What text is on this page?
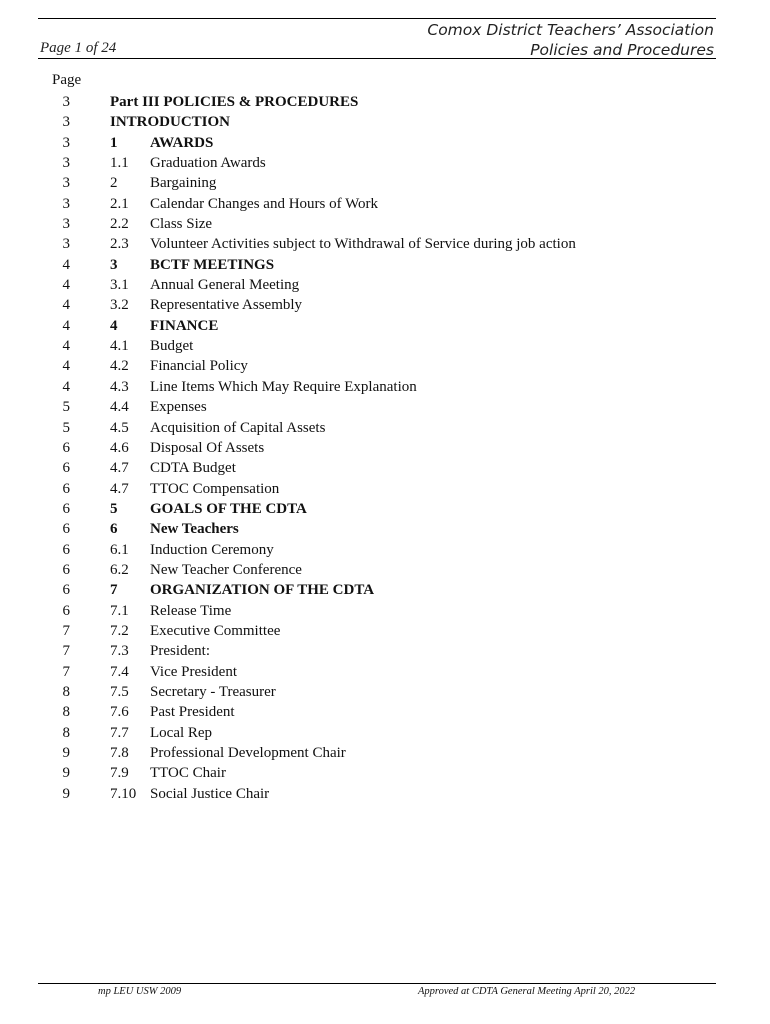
Comox District Teachers’ Association
Policies and Procedures
Page 1 of 24
Page
3	Part III POLICIES & PROCEDURES
3	INTRODUCTION
3	1 AWARDS
3	1.1 Graduation Awards
3	2 Bargaining
3	2.1 Calendar Changes and Hours of Work
3	2.2 Class Size
3	2.3 Volunteer Activities subject to Withdrawal of Service during job action
4	3 BCTF MEETINGS
4	3.1 Annual General Meeting
4	3.2 Representative Assembly
4	4 FINANCE
4	4.1 Budget
4	4.2 Financial Policy
4	4.3 Line Items Which May Require Explanation
5	4.4 Expenses
5	4.5 Acquisition of Capital Assets
6	4.6 Disposal Of Assets
6	4.7 CDTA Budget
6	4.7 TTOC Compensation
6	5 GOALS OF THE CDTA
6	6 New Teachers
6	6.1 Induction Ceremony
6	6.2 New Teacher Conference
6	7 ORGANIZATION OF THE CDTA
6	7.1 Release Time
7	7.2 Executive Committee
7	7.3 President:
7	7.4 Vice President
8	7.5 Secretary - Treasurer
8	7.6 Past President
8	7.7 Local Rep
9	7.8 Professional Development Chair
9	7.9 TTOC Chair
9	7.10 Social Justice Chair
mp LEU USW 2009	Approved at CDTA General Meeting April 20, 2022
